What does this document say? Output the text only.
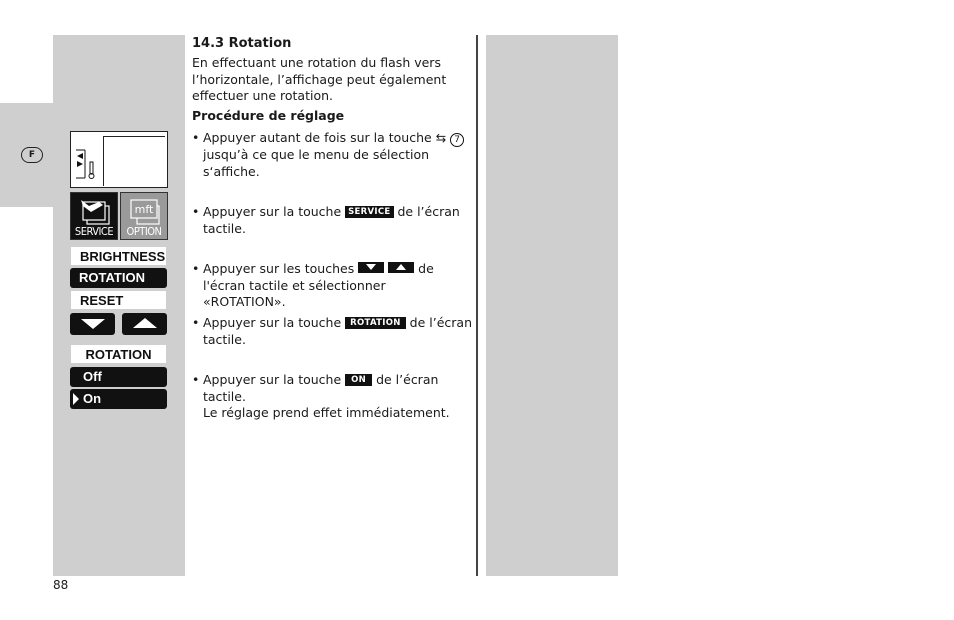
F
SERVICE
mft
OPTION
BRIGHTNESS
ROTATION
RESET
ROTATION
Off
On
14.3 Rotation
En effectuant une rotation du flash vers l’horizontale, l’affichage peut également effectuer une rotation.
Procédure de réglage
• Appuyer autant de fois sur la touche ⇆ 7
jusqu’à ce que le menu de sélection s‘affiche.
• Appuyer sur la touche SERVICE de l’écran tactile.
• Appuyer sur les touches
	de l'écran tactile et sélectionner «ROTATION».
• Appuyer sur la touche ROTATION de l’écran tactile.
• Appuyer sur la touche ON de l’écran tactile.
Le réglage prend effet immédiatement.
88
